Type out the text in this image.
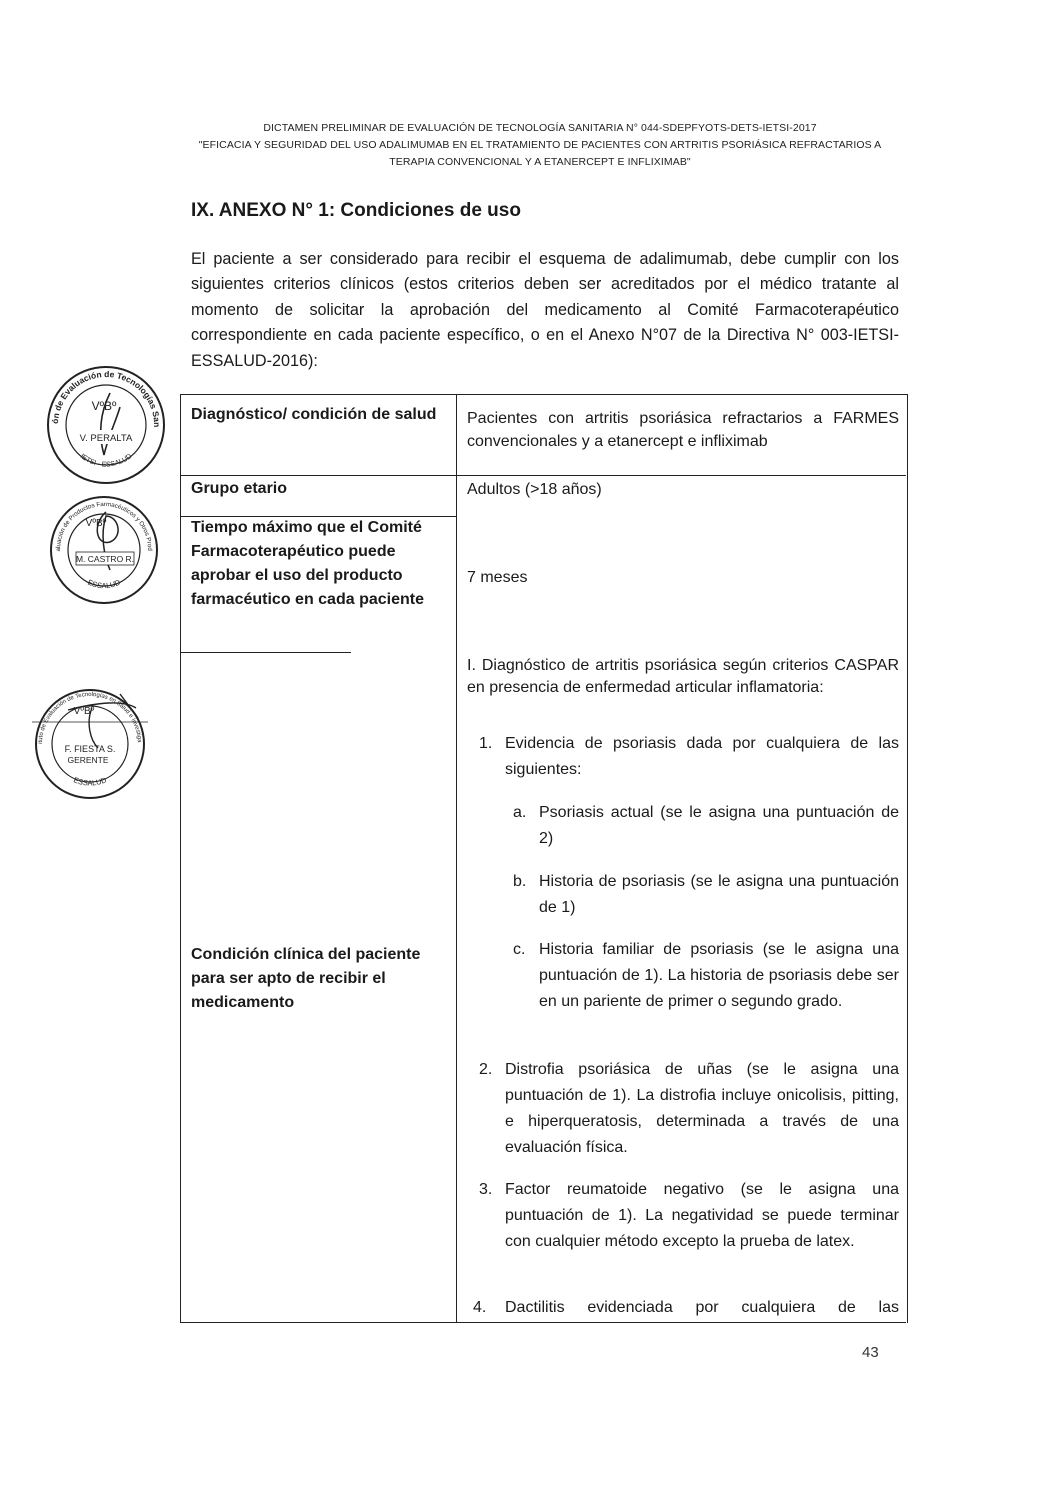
DICTAMEN PRELIMINAR DE EVALUACIÓN DE TECNOLOGÍA SANITARIA N° 044-SDEPFYOTS-DETS-IETSI-2017
"EFICACIA Y SEGURIDAD DEL USO ADALIMUMAB EN EL TRATAMIENTO DE PACIENTES CON ARTRITIS PSORIÁSICA REFRACTARIOS A
TERAPIA CONVENCIONAL Y A ETANERCEPT E INFLIXIMAB"
IX. ANEXO N° 1: Condiciones de uso
El paciente a ser considerado para recibir el esquema de adalimumab, debe cumplir con los siguientes criterios clínicos (estos criterios deben ser acreditados por el médico tratante al momento de solicitar la aprobación del medicamento al Comité Farmacoterapéutico correspondiente en cada paciente específico, o en el Anexo N°07 de la Directiva N° 003-IETSI-ESSALUD-2016):
ón de Evaluación de Tecnologías San
IETSI - ESSALUD
VºBº
V. PERALTA
aluación de Productos Farmacéuticos y Otros Prod
ESSALUD
VºBº
M. CASTRO R.
ituto de Evaluación de Tecnologías en Salud e Investiga
ESSALUD
VºBº
F. FIESTA S.
GERENTE
Diagnóstico/ condición de salud	Pacientes con artritis psoriásica refractarios a FARMES convencionales y a etanercept e infliximab
Grupo etario	Adultos (>18 años)
Tiempo máximo que el Comité Farmacoterapéutico puede aprobar el uso del producto farmacéutico en cada paciente
7 meses
Condición clínica del paciente para ser apto de recibir el medicamento
I. Diagnóstico de artritis psoriásica según criterios CASPAR en presencia de enfermedad articular inflamatoria:
1. Evidencia de psoriasis dada por cualquiera de las siguientes:
a. Psoriasis actual (se le asigna una puntuación de 2)
b. Historia de psoriasis (se le asigna una puntuación de 1)
c. Historia familiar de psoriasis (se le asigna una puntuación de 1). La historia de psoriasis debe ser en un pariente de primer o segundo grado.
2. Distrofia psoriásica de uñas (se le asigna una puntuación de 1). La distrofia incluye onicolisis, pitting, e hiperqueratosis, determinada a través de una evaluación física.
3. Factor reumatoide negativo (se le asigna una puntuación de 1). La negatividad se puede terminar con cualquier método excepto la prueba de latex.
4. Dactilitis evidenciada por cualquiera de las
43
